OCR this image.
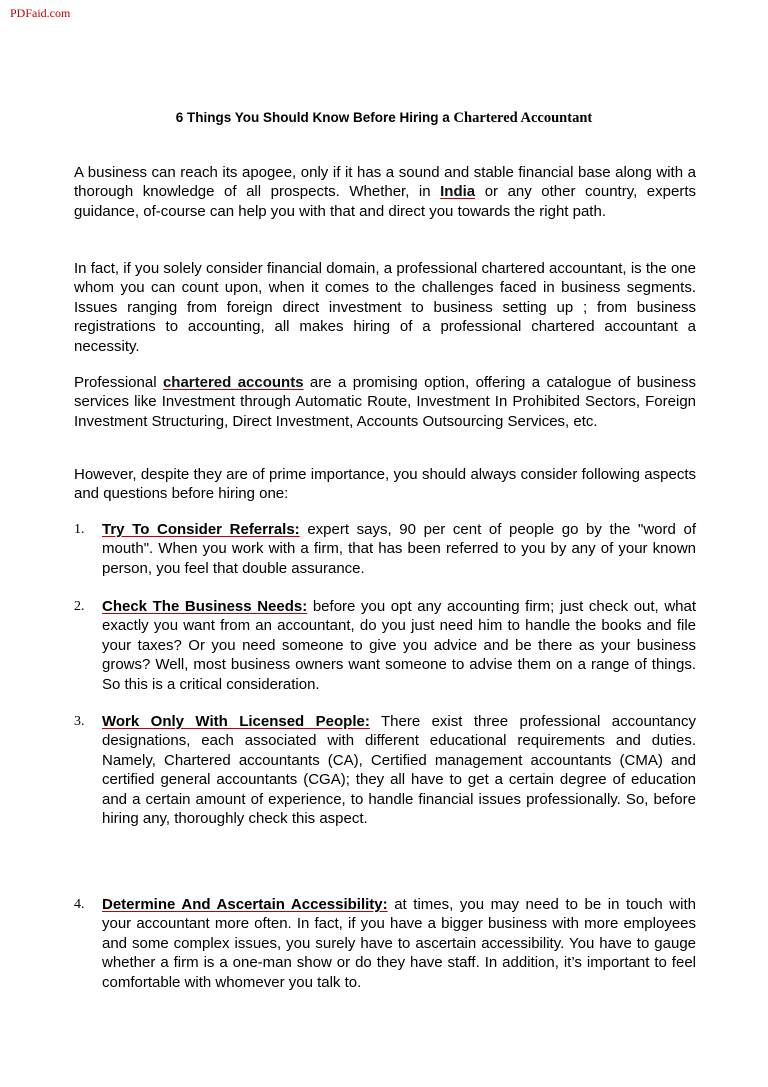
PDFaid.com
6 Things You Should Know Before Hiring a Chartered Accountant
A business can reach its apogee, only if it has a sound and stable financial base along with a thorough knowledge of all prospects. Whether, in India or any other country, experts guidance, of-course can help you with that and direct you towards the right path.
In fact, if you solely consider financial domain, a professional chartered accountant, is the one whom you can count upon, when it comes to the challenges faced in business segments. Issues ranging from foreign direct investment to business setting up ; from business registrations to accounting, all makes hiring of a professional chartered accountant a necessity.
Professional chartered accounts are a promising option, offering a catalogue of business services like Investment through Automatic Route, Investment In Prohibited Sectors, Foreign Investment Structuring, Direct Investment, Accounts Outsourcing Services, etc.
However, despite they are of prime importance, you should always consider following aspects and questions before hiring one:
1.	Try To Consider Referrals: expert says, 90 per cent of people go by the "word of mouth". When you work with a firm, that has been referred to you by any of your known person, you feel that double assurance.
2.	Check The Business Needs: before you opt any accounting firm; just check out, what exactly you want from an accountant, do you just need him to handle the books and file your taxes? Or you need someone to give you advice and be there as your business grows? Well, most business owners want someone to advise them on a range of things. So this is a critical consideration.
3.	Work Only With Licensed People: There exist three professional accountancy designations, each associated with different educational requirements and duties. Namely, Chartered accountants (CA), Certified management accountants (CMA) and certified general accountants (CGA); they all have to get a certain degree of education and a certain amount of experience, to handle financial issues professionally. So, before hiring any, thoroughly check this aspect.
4.	Determine And Ascertain Accessibility: at times, you may need to be in touch with your accountant more often. In fact, if you have a bigger business with more employees and some complex issues, you surely have to ascertain accessibility. You have to gauge whether a firm is a one-man show or do they have staff. In addition, it’s important to feel comfortable with whomever you talk to.
